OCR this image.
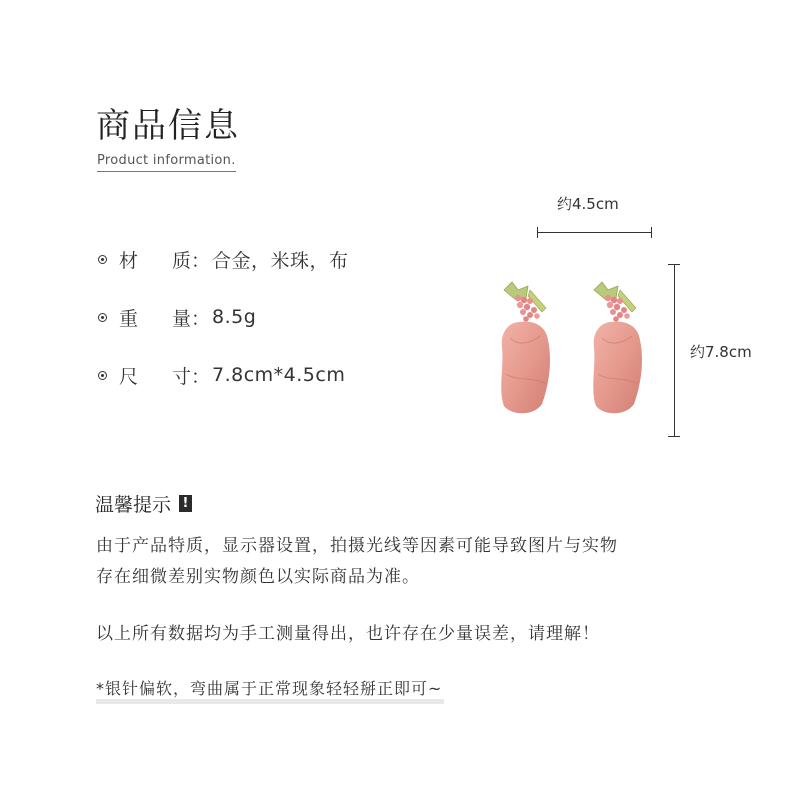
商品信息
Product information.
材 质： 合金，米珠，布
重 量： 8.5g
尺 寸： 7.8cm*4.5cm
约4.5cm
约7.8cm
温馨提示 !
由于产品特质，显示器设置，拍摄光线等因素可能导致图片与实物
存在细微差别实物颜色以实际商品为准。
以上所有数据均为手工测量得出，也许存在少量误差，请理解！
*银针偏软，弯曲属于正常现象轻轻掰正即可~
